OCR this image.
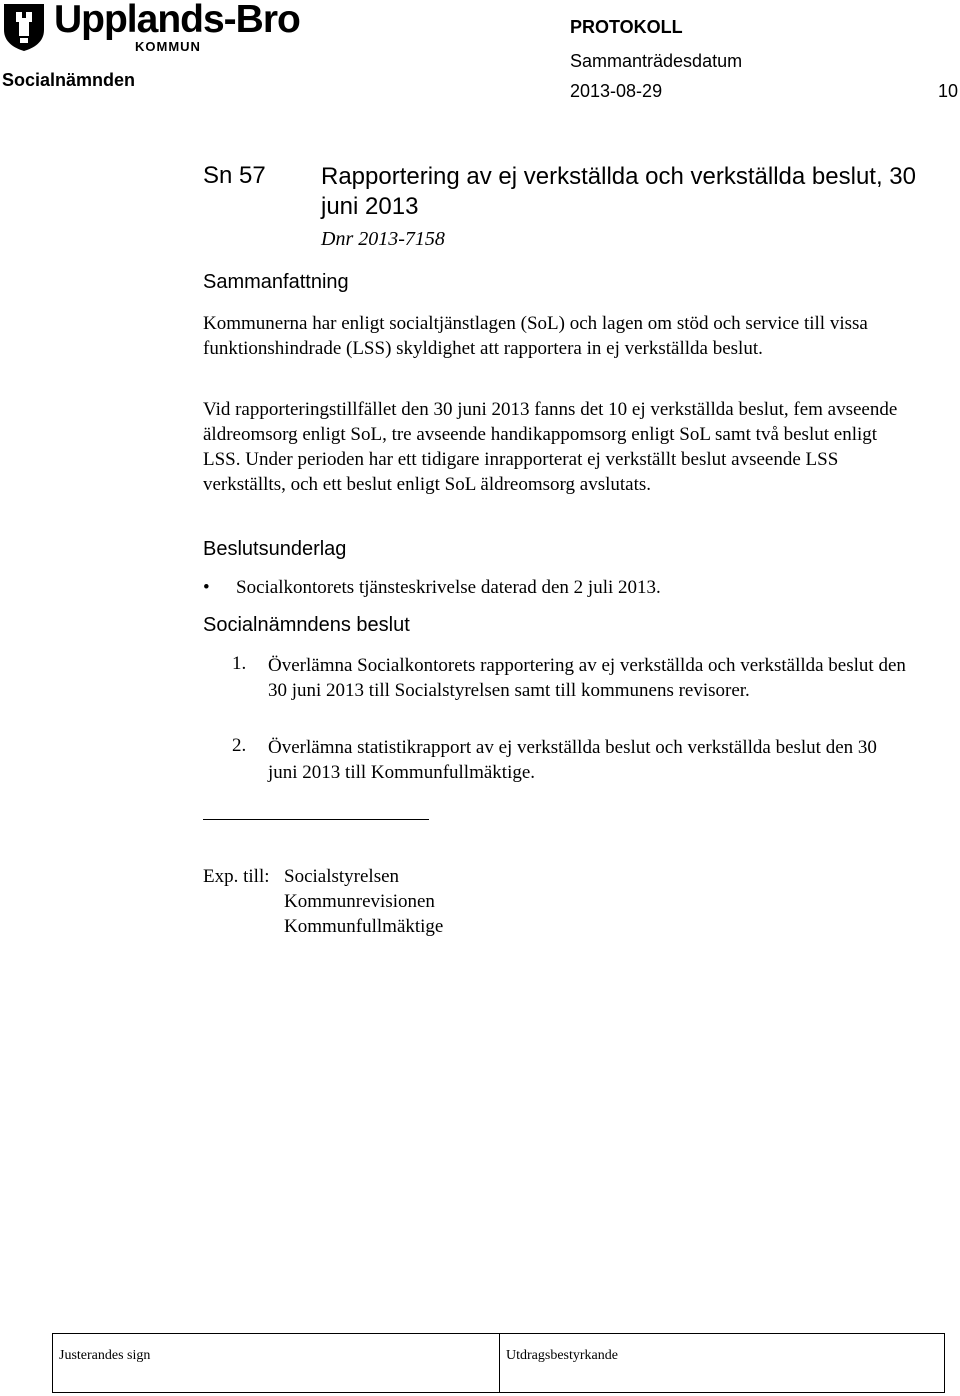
Upplands-Bro
KOMMUN
Socialnämnden
PROTOKOLL
Sammanträdesdatum
2013-08-29	10
Sn 57 Rapportering av ej verkställda och verkställda beslut, 30 juni 2013
Dnr 2013-7158
Sammanfattning
Kommunerna har enligt socialtjänstlagen (SoL) och lagen om stöd och service till vissa funktionshindrade (LSS) skyldighet att rapportera in ej verkställda beslut.
Vid rapporteringstillfället den 30 juni 2013 fanns det 10 ej verkställda beslut, fem avseende äldreomsorg enligt SoL, tre avseende handikappomsorg enligt SoL samt två beslut enligt LSS. Under perioden har ett tidigare inrapporterat ej verkställt beslut avseende LSS verkställts, och ett beslut enligt SoL äldreomsorg avslutats.
Beslutsunderlag
• Socialkontorets tjänsteskrivelse daterad den 2 juli 2013.
Socialnämndens beslut
1. Överlämna Socialkontorets rapportering av ej verkställda och verkställda beslut den 30 juni 2013 till Socialstyrelsen samt till kommunens revisorer.
2. Överlämna statistikrapport av ej verkställda beslut och verkställda beslut den 30 juni 2013 till Kommunfullmäktige.
Exp. till: Socialstyrelsen
Kommunrevisionen
Kommunfullmäktige
Justerandes sign	Utdragsbestyrkande
